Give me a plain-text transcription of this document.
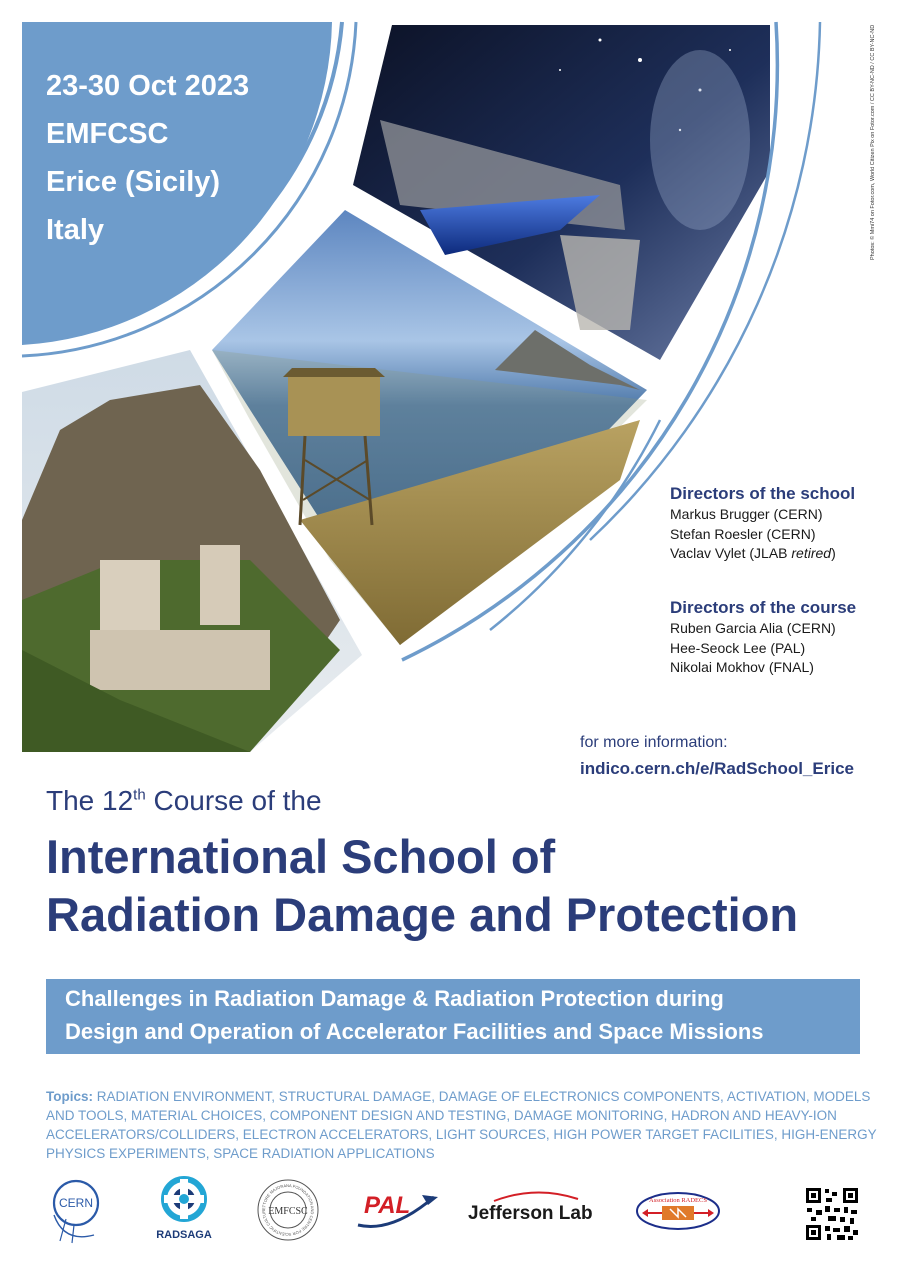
23-30 Oct 2023
EMFCSC
Erice (Sicily)
Italy	Photos: © Mmi74 on Fotor.com, World Citizen Pix on Fotor.com / CC BY-NC-ND / CC BY-NC-ND
Directors of the school
Markus Brugger (CERN)
Stefan Roesler (CERN)
Vaclav Vylet (JLAB retired)
Directors of the course
Ruben Garcia Alia (CERN)
Hee-Seock Lee (PAL)
Nikolai Mokhov (FNAL)
for more information:
indico.cern.ch/e/RadSchool_Erice
The 12th Course of the
International School of
Radiation Damage and Protection
Challenges in Radiation Damage & Radiation Protection during
Design and Operation of Accelerator Facilities and Space Missions
Topics: RADIATION ENVIRONMENT, STRUCTURAL DAMAGE, DAMAGE OF ELECTRONICS COMPONENTS, ACTIVATION, MODELS AND TOOLS, MATERIAL CHOICES, COMPONENT DESIGN AND TESTING, DAMAGE MONITORING, HADRON AND HEAVY-ION ACCELERATORS/COLLIDERS, ELECTRON ACCELERATORS, LIGHT SOURCES, HIGH POWER TARGET FACILITIES, HIGH-ENERGY PHYSICS EXPERIMENTS, SPACE RADIATION APPLICATIONS
CERN
RADSAGA
ETTORE MAJORANA FOUNDATION AND CENTRE FOR SCIENTIFIC CULTUR EMFCSC PAL	Jefferson Lab
Association RADECS
